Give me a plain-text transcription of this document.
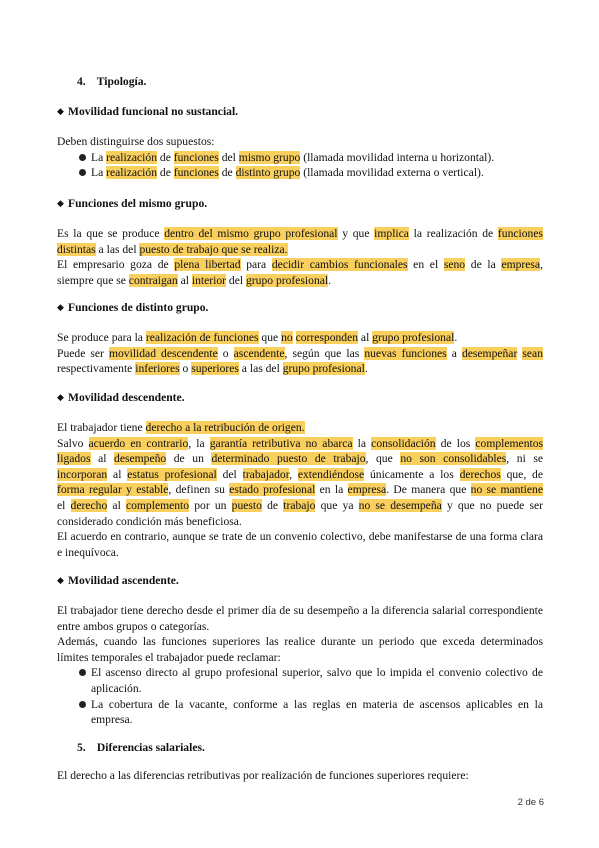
4. Tipología.
◆ Movilidad funcional no sustancial.
Deben distinguirse dos supuestos:
La realización de funciones del mismo grupo (llamada movilidad interna u horizontal).
La realización de funciones de distinto grupo (llamada movilidad externa o vertical).
◆ Funciones del mismo grupo.
Es la que se produce dentro del mismo grupo profesional y que implica la realización de funciones
distintas a las del puesto de trabajo que se realiza.
El empresario goza de plena libertad para decidir cambios funcionales en el seno de la empresa,
siempre que se contraigan al interior del grupo profesional.
◆ Funciones de distinto grupo.
Se produce para la realización de funciones que no corresponden al grupo profesional.
Puede ser movilidad descendente o ascendente, según que las nuevas funciones a desempeñar sean
respectivamente inferiores o superiores a las del grupo profesional.
◆ Movilidad descendente.
El trabajador tiene derecho a la retribución de origen.
Salvo acuerdo en contrario, la garantía retributiva no abarca la consolidación de los complementos
ligados al desempeño de un determinado puesto de trabajo, que no son consolidables, ni se
incorporan al estatus profesional del trabajador, extendiéndose únicamente a los derechos que, de
forma regular y estable, definen su estado profesional en la empresa. De manera que no se mantiene
el derecho al complemento por un puesto de trabajo que ya no se desempeña y que no puede ser
considerado condición más beneficiosa.
El acuerdo en contrario, aunque se trate de un convenio colectivo, debe manifestarse de una forma clara e inequívoca.
◆ Movilidad ascendente.
El trabajador tiene derecho desde el primer día de su desempeño a la diferencia salarial correspondiente entre ambos grupos o categorías.
Además, cuando las funciones superiores las realice durante un periodo que exceda determinados límites temporales el trabajador puede reclamar:
El ascenso directo al grupo profesional superior, salvo que lo impida el convenio colectivo de aplicación.
La cobertura de la vacante, conforme a las reglas en materia de ascensos aplicables en la empresa.
5. Diferencias salariales.
El derecho a las diferencias retributivas por realización de funciones superiores requiere:
2 de 6
